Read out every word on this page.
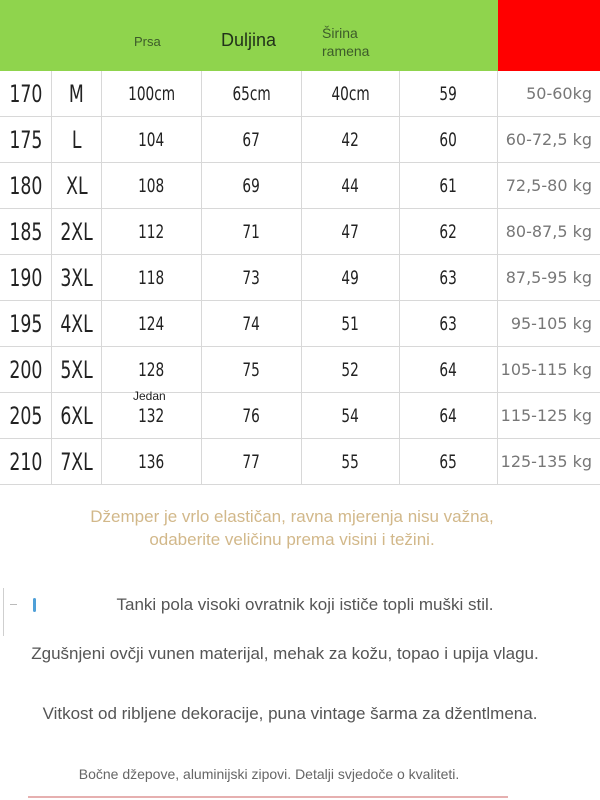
Prsa	Duljina	Širina
ramena
170 M 100cm	65cm	40cm	59	50-60kg
175 L	104	67	42	60	60-72,5 kg
180 XL	108	69	44	61	72,5-80 kg
185 2XL 112	71	47	62	80-87,5 kg
190 3XL 118	73	49	63	87,5-95 kg
195 4XL 124	74	51	63	95-105 kg
200 5XL 128	75	52	64	105-115 kg
205 6XL 132	76	54	64	115-125 kg
210 7XL 136	77	55	65	125-135 kg
Jedan
Džemper je vrlo elastičan, ravna mjerenja nisu važna,
odaberite veličinu prema visini i težini.
Tanki pola visoki ovratnik koji ističe topli muški stil.
Zgušnjeni ovčji vunen materijal, mehak za kožu, topao i upija vlagu.
Vitkost od ribljene dekoracije, puna vintage šarma za džentlmena.
Bočne džepove, aluminijski zipovi. Detalji svjedoče o kvaliteti.
